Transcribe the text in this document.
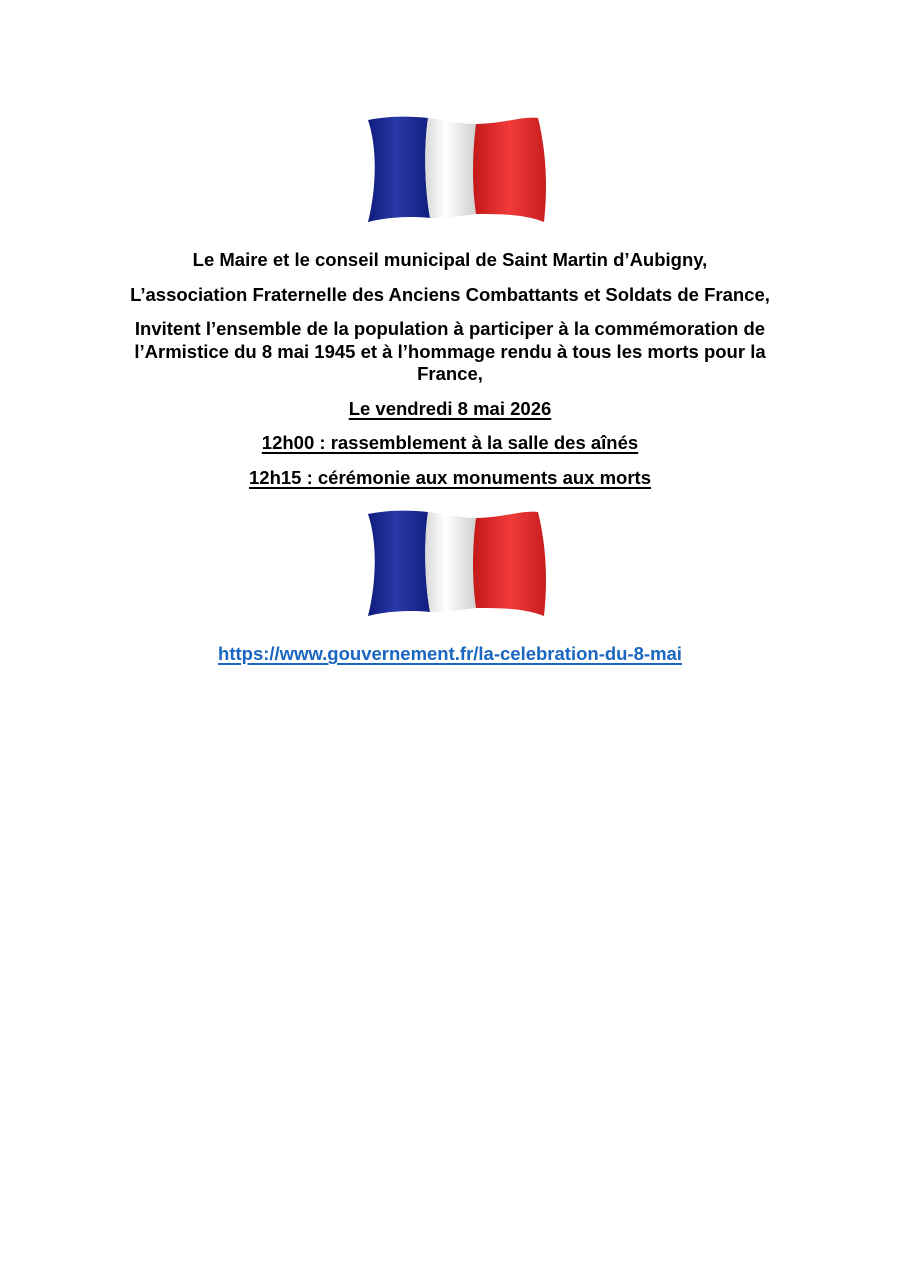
Le Maire et le conseil municipal de Saint Martin d’Aubigny,
L’association Fraternelle des Anciens Combattants et Soldats de France,
Invitent l’ensemble de la population à participer à la commémoration de l’Armistice du 8 mai 1945 et à l’hommage rendu à tous les morts pour la France,
Le vendredi 8 mai 2026
12h00 : rassemblement à la salle des aînés
12h15 : cérémonie aux monuments aux morts
https://www.gouvernement.fr/la-celebration-du-8-mai
